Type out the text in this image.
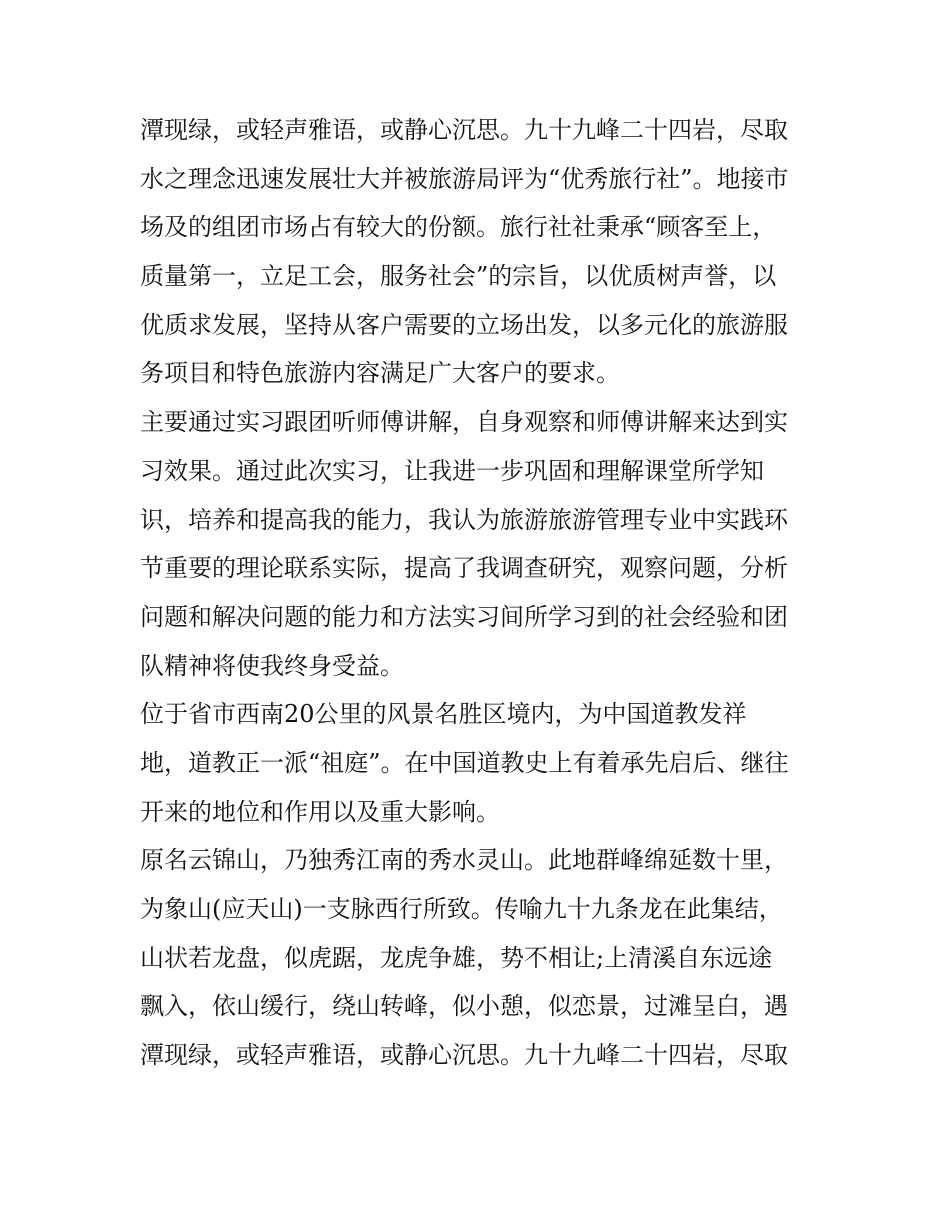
潭现绿，或轻声雅语，或静心沉思。九十九峰二十四岩，尽取

水之理念迅速发展壮大并被旅游局评为“优秀旅行社”。地接市

场及的组团市场占有较大的份额。旅行社社秉承“顾客至上，

质量第一，立足工会，服务社会”的宗旨，以优质树声誉，以

优质求发展，坚持从客户需要的立场出发，以多元化的旅游服

务项目和特色旅游内容满足广大客户的要求。

主要通过实习跟团听师傅讲解，自身观察和师傅讲解来达到实

习效果。通过此次实习，让我进一步巩固和理解课堂所学知

识，培养和提高我的能力，我认为旅游旅游管理专业中实践环

节重要的理论联系实际，提高了我调查研究，观察问题，分析

问题和解决问题的能力和方法实习间所学习到的社会经验和团

队精神将使我终身受益。

位于省市西南20公里的风景名胜区境内，为中国道教发祥

地，道教正一派“祖庭”。在中国道教史上有着承先启后、继往

开来的地位和作用以及重大影响。

原名云锦山，乃独秀江南的秀水灵山。此地群峰绵延数十里，

为象山(应天山)一支脉西行所致。传喻九十九条龙在此集结，

山状若龙盘，似虎踞，龙虎争雄，势不相让;上清溪自东远途

飘入，依山缓行，绕山转峰，似小憩，似恋景，过滩呈白，遇

潭现绿，或轻声雅语，或静心沉思。九十九峰二十四岩，尽取
